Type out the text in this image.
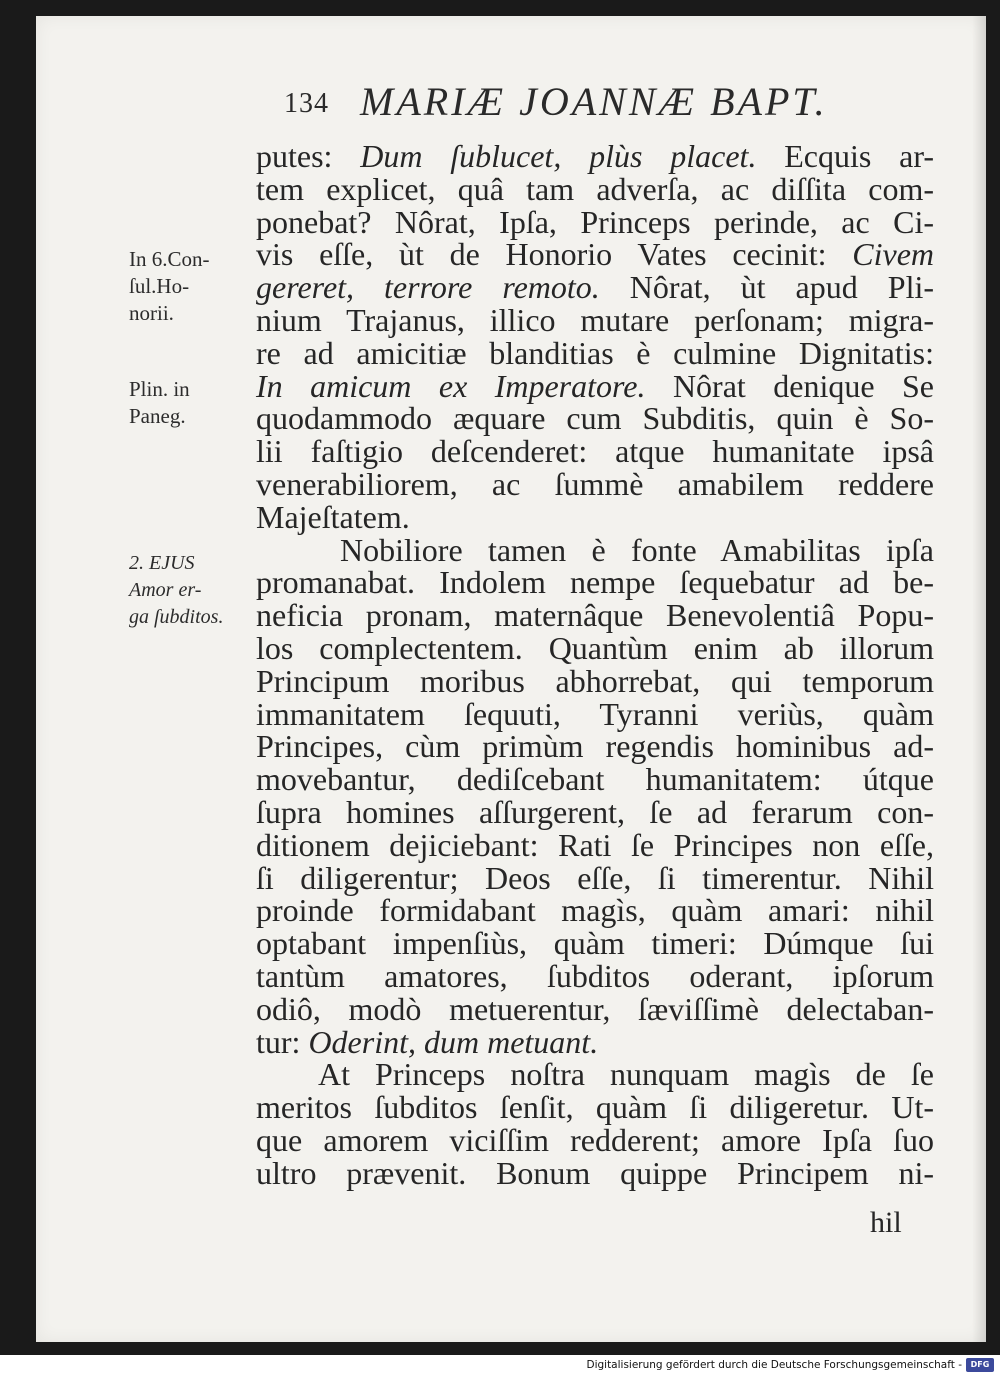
134 MARIÆ JOANNÆ BAPT.
In 6.Con-
ſul.Ho-
norii.
Plin. in
Paneg.
2. EJUS
Amor er-
ga ſubditos.
putes: Dum ſublucet, plùs placet. Ecquis ar-
tem explicet, quâ tam adverſa, ac diſſita com-
ponebat? Nôrat, Ipſa, Princeps perinde, ac Ci-
vis eſſe, ùt de Honorio Vates cecinit: Civem
gereret, terrore remoto. Nôrat, ùt apud Pli-
nium Trajanus, illico mutare perſonam; migra-
re ad amicitiæ blanditias è culmine Dignitatis:
In amicum ex Imperatore. Nôrat denique Se
quodammodo æquare cum Subditis, quin è So-
lii faſtigio deſcenderet: atque humanitate ipsâ
venerabiliorem, ac ſummè amabilem reddere
Majeſtatem.
Nobiliore tamen è fonte Amabilitas ipſa
promanabat. Indolem nempe ſequebatur ad be-
neficia pronam, maternâque Benevolentiâ Popu-
los complectentem. Quantùm enim ab illorum
Principum moribus abhorrebat, qui temporum
immanitatem ſequuti, Tyranni veriùs, quàm
Principes, cùm primùm regendis hominibus ad-
movebantur, dediſcebant humanitatem: útque
ſupra homines aſſurgerent, ſe ad ferarum con-
ditionem dejiciebant: Rati ſe Principes non eſſe,
ſi diligerentur; Deos eſſe, ſi timerentur. Nihil
proinde formidabant magìs, quàm amari: nihil
optabant impenſiùs, quàm timeri: Dúmque ſui
tantùm amatores, ſubditos oderant, ipſorum
odiô, modò metuerentur, ſæviſſimè delectaban-
tur: Oderint, dum metuant.
At Princeps noſtra nunquam magìs de ſe
meritos ſubditos ſenſit, quàm ſi diligeretur. Ut-
que amorem viciſſim redderent; amore Ipſa ſuo
ultro prævenit. Bonum quippe Principem ni-
hil
Digitalisierung gefördert durch die Deutsche Forschungsgemeinschaft -	DFG
